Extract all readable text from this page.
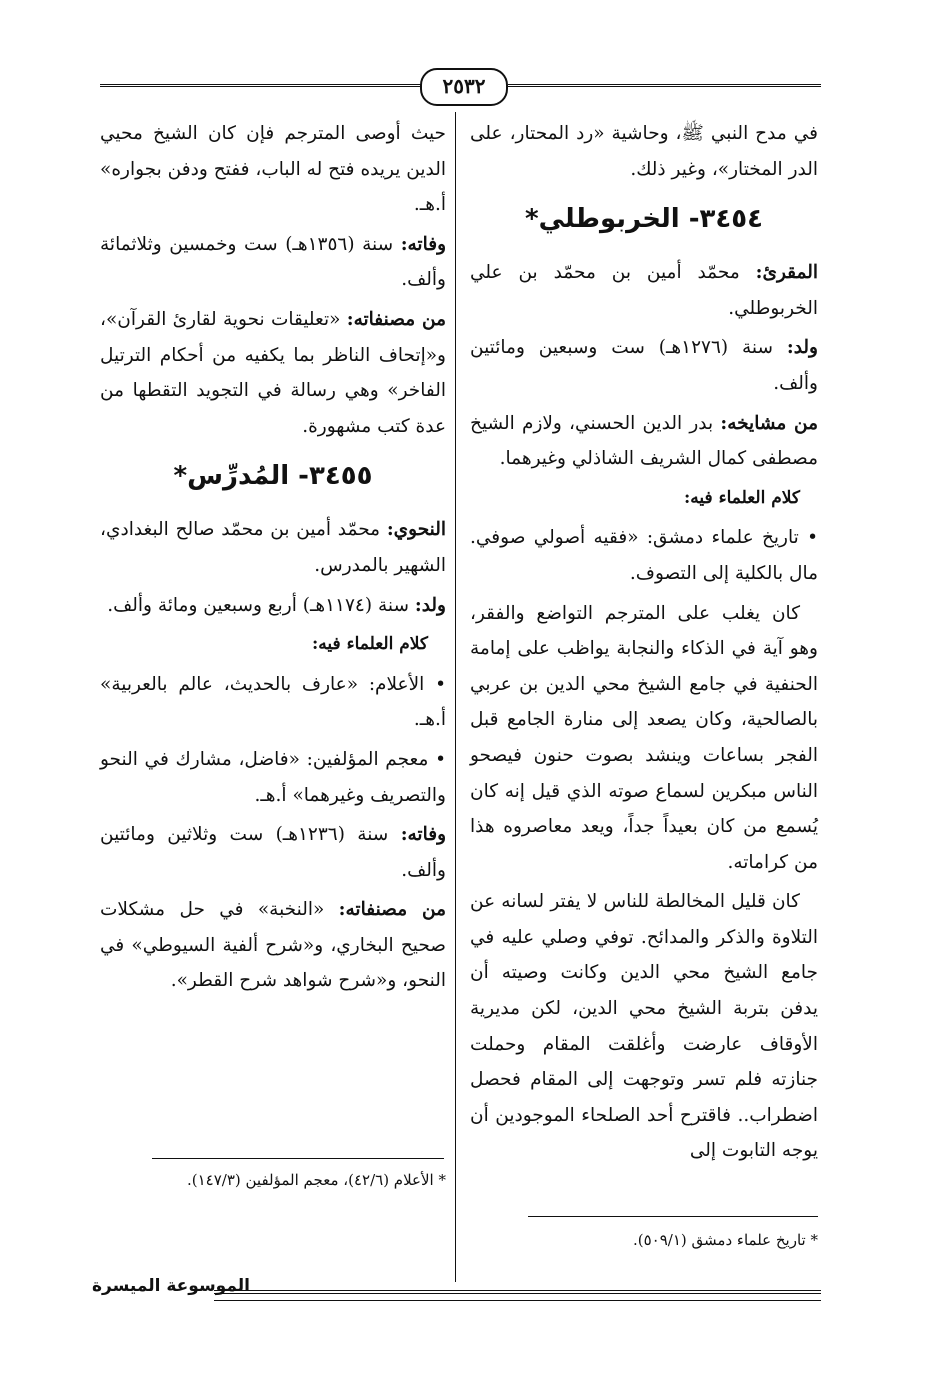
٢٥٣٢

في مدح النبي ﷺ، وحاشية «رد المحتار، على الدر المختار»، وغير ذلك.

٣٤٥٤- الخربوطلي*

المقرئ: محمّد أمين بن محمّد بن علي الخربوطلي.

ولد: سنة (١٢٧٦هـ) ست وسبعين ومائتين وألف.

من مشايخه: بدر الدين الحسني، ولازم الشيخ مصطفى كمال الشريف الشاذلي وغيرهما.

كلام العلماء فيه:

• تاريخ علماء دمشق: «فقيه أصولي صوفي. مال بالكلية إلى التصوف.

كان يغلب على المترجم التواضع والفقر، وهو آية في الذكاء والنجابة يواظب على إمامة الحنفية في جامع الشيخ محي الدين بن عربي بالصالحية، وكان يصعد إلى منارة الجامع قبل الفجر بساعات وينشد بصوت حنون فيصحو الناس مبكرين لسماع صوته الذي قيل إنه كان يُسمع من كان بعيداً جداً، ويعد معاصروه هذا من كراماته.

كان قليل المخالطة للناس لا يفتر لسانه عن التلاوة والذكر والمدائح. توفي وصلي عليه في جامع الشيخ محي الدين وكانت وصيته أن يدفن بتربة الشيخ محي الدين، لكن مديرية الأوقاف عارضت وأغلقت المقام وحملت جنازته فلم تسر وتوجهت إلى المقام فحصل اضطراب.. فاقترح أحد الصلحاء الموجودين أن يوجه التابوت إلى

حيث أوصى المترجم فإن كان الشيخ محيي الدين يريده فتح له الباب، ففتح ودفن بجواره» أ.هـ.

وفاته: سنة (١٣٥٦هـ) ست وخمسين وثلاثمائة وألف.

من مصنفاته: «تعليقات نحوية لقارئ القرآن»، و«إتحاف الناظر بما يكفيه من أحكام الترتيل الفاخر» وهي رسالة في التجويد التقطها من عدة كتب مشهورة.

٣٤٥٥- المُدرِّس*

النحوي: محمّد أمين بن محمّد صالح البغدادي، الشهير بالمدرس.

ولد: سنة (١١٧٤هـ) أربع وسبعين ومائة وألف.

كلام العلماء فيه:

• الأعلام: «عارف بالحديث، عالم بالعربية» أ.هـ.

• معجم المؤلفين: «فاضل، مشارك في النحو والتصريف وغيرهما» أ.هـ.

وفاته: سنة (١٢٣٦هـ) ست وثلاثين ومائتين وألف.

من مصنفاته: «النخبة» في حل مشكلات صحيح البخاري، و«شرح ألفية السيوطي» في النحو، و«شرح شواهد شرح القطر».

* تاريخ علماء دمشق (٥٠٩/١).
* الأعلام (٤٢/٦)، معجم المؤلفين (١٤٧/٣).
الموسوعة الميسرة
